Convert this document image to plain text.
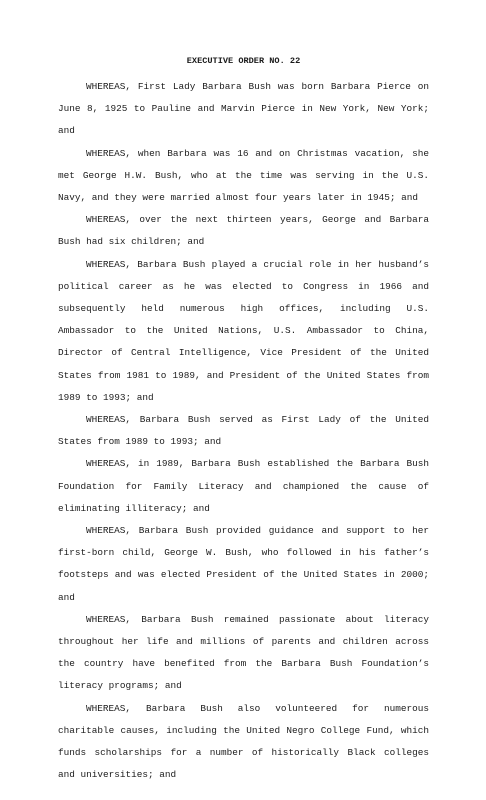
EXECUTIVE ORDER NO. 22

WHEREAS, First Lady Barbara Bush was born Barbara Pierce on June 8, 1925 to Pauline and Marvin Pierce in New York, New York; and

WHEREAS, when Barbara was 16 and on Christmas vacation, she met George H.W. Bush, who at the time was serving in the U.S. Navy, and they were married almost four years later in 1945; and

WHEREAS, over the next thirteen years, George and Barbara Bush had six children; and

WHEREAS, Barbara Bush played a crucial role in her husband’s political career as he was elected to Congress in 1966 and subsequently held numerous high offices, including U.S. Ambassador to the United Nations, U.S. Ambassador to China, Director of Central Intelligence, Vice President of the United States from 1981 to 1989, and President of the United States from 1989 to 1993; and

WHEREAS, Barbara Bush served as First Lady of the United States from 1989 to 1993; and

WHEREAS, in 1989, Barbara Bush established the Barbara Bush Foundation for Family Literacy and championed the cause of eliminating illiteracy; and

WHEREAS, Barbara Bush provided guidance and support to her first-born child, George W. Bush, who followed in his father’s footsteps and was elected President of the United States in 2000; and

WHEREAS, Barbara Bush remained passionate about literacy throughout her life and millions of parents and children across the country have benefited from the Barbara Bush Foundation’s literacy programs; and

WHEREAS, Barbara Bush also volunteered for numerous charitable causes, including the United Negro College Fund, which funds scholarships for a number of historically Black colleges and universities; and
